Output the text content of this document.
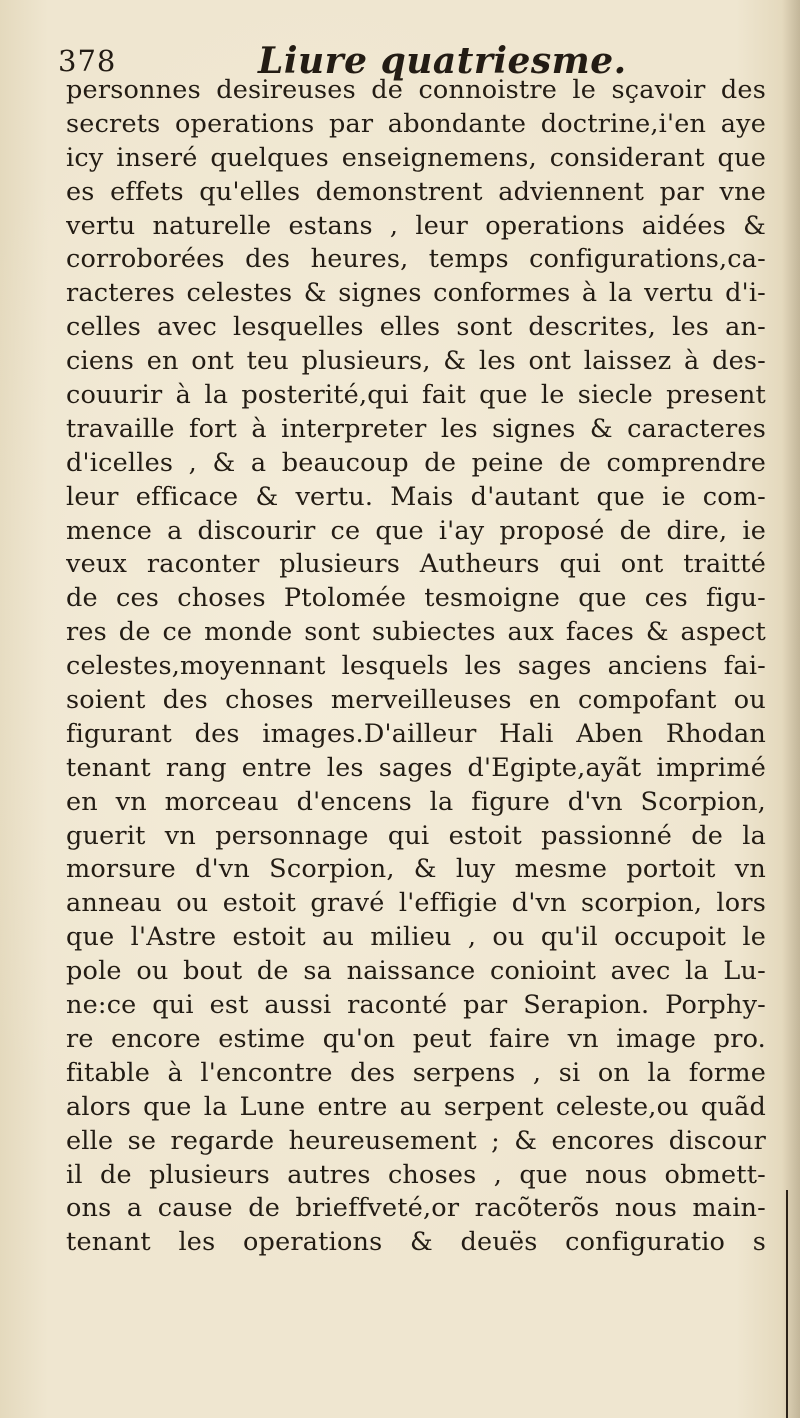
378	Liure quatriesme.
personnes desireuses de connoistre le sçavoir des
secrets operations par abondante doctrine,i'en aye
icy inseré quelques enseignemens, considerant que
es effets qu'elles demonstrent adviennent par vne
vertu naturelle estans , leur operations aidées &
corroborées des heures, temps configurations,ca-
racteres celestes & signes conformes à la vertu d'i-
celles avec lesquelles elles sont descrites, les an-
ciens en ont teu plusieurs, & les ont laissez à des-
couurir à la posterité,qui fait que le siecle present
travaille fort à interpreter les signes & caracteres
d'icelles , & a beaucoup de peine de comprendre
leur efficace & vertu. Mais d'autant que ie com-
mence a discourir ce que i'ay proposé de dire, ie
veux raconter plusieurs Autheurs qui ont traitté
de ces choses Ptolomée tesmoigne que ces figu-
res de ce monde sont subiectes aux faces & aspect
celestes,moyennant lesquels les sages anciens fai-
soient des choses merveilleuses en compofant ou
figurant des images.D'ailleur Hali Aben Rhodan
tenant rang entre les sages d'Egipte,ayãt imprimé
en vn morceau d'encens la figure d'vn Scorpion,
guerit vn personnage qui estoit passionné de la
morsure d'vn Scorpion, & luy mesme portoit vn
anneau ou estoit gravé l'effigie d'vn scorpion, lors
que l'Astre estoit au milieu , ou qu'il occupoit le
pole ou bout de sa naissance conioint avec la Lu-
ne:ce qui est aussi raconté par Serapion. Porphy-
re encore estime qu'on peut faire vn image pro.
fitable à l'encontre des serpens , si on la forme
alors que la Lune entre au serpent celeste,ou quãd
elle se regarde heureusement ; & encores discour
il de plusieurs autres choses , que nous obmett-
ons a cause de brieffveté,or racõterõs nous main-
tenant les operations & deuës configuratio s
